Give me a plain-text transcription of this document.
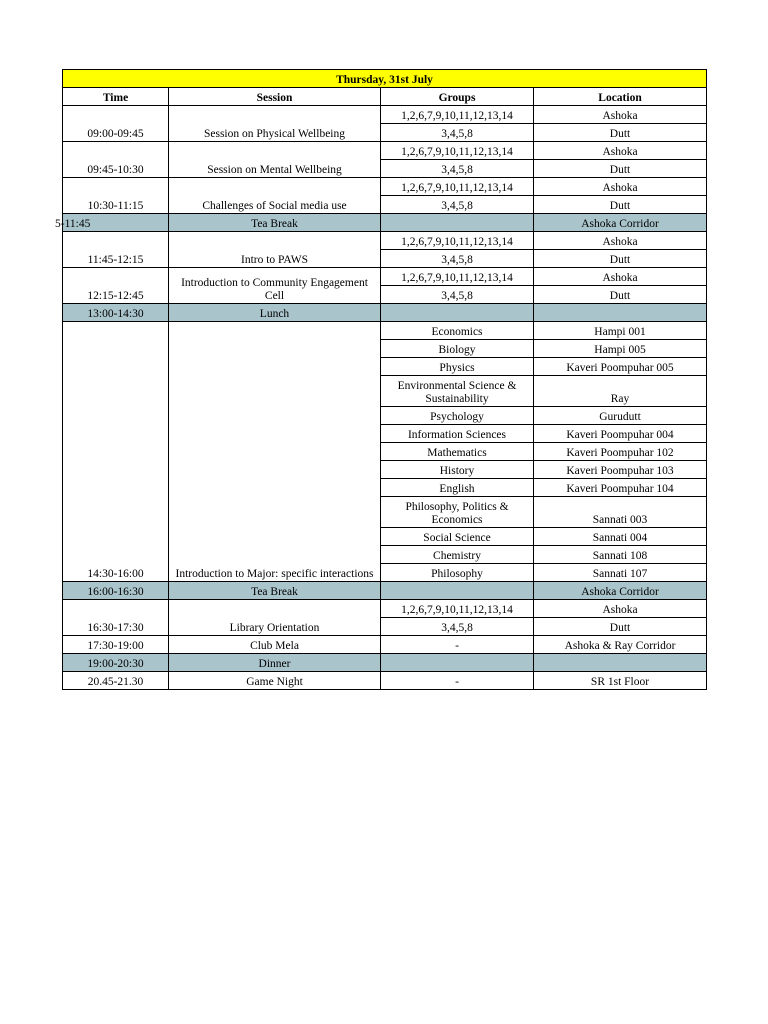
Thursday, 31st July			
Time	Session	Groups	Location
09:00-09:45	Session on Physical Wellbeing	1,2,6,7,9,10,11,12,13,14	Ashoka
		3,4,5,8	Dutt
09:45-10:30	Session on Mental Wellbeing	1,2,6,7,9,10,11,12,13,14	Ashoka
		3,4,5,8	Dutt
10:30-11:15	Challenges of Social media use	1,2,6,7,9,10,11,12,13,14	Ashoka
		3,4,5,8	Dutt
5-11:45	Tea Break		Ashoka Corridor
11:45-12:15	Intro to PAWS	1,2,6,7,9,10,11,12,13,14	Ashoka
		3,4,5,8	Dutt
12:15-12:45	Introduction to Community Engagement Cell	1,2,6,7,9,10,11,12,13,14	Ashoka
		3,4,5,8	Dutt
13:00-14:30	Lunch		
14:30-16:00	Introduction to Major: specific interactions	Economics	Hampi 001
		Biology	Hampi 005
		Physics	Kaveri Poompuhar 005
		Environmental Science & Sustainability	Ray
		Psychology	Gurudutt
		Information Sciences	Kaveri Poompuhar 004
		Mathematics	Kaveri Poompuhar 102
		History	Kaveri Poompuhar 103
		English	Kaveri Poompuhar 104
		Philosophy, Politics & Economics	Sannati 003
		Social Science	Sannati 004
		Chemistry	Sannati 108
		Philosophy	Sannati 107
16:00-16:30	Tea Break		Ashoka Corridor
16:30-17:30	Library Orientation	1,2,6,7,9,10,11,12,13,14	Ashoka
		3,4,5,8	Dutt
17:30-19:00	Club Mela	-	Ashoka & Ray Corridor
19:00-20:30	Dinner		
20.45-21.30	Game Night	-	SR 1st Floor
